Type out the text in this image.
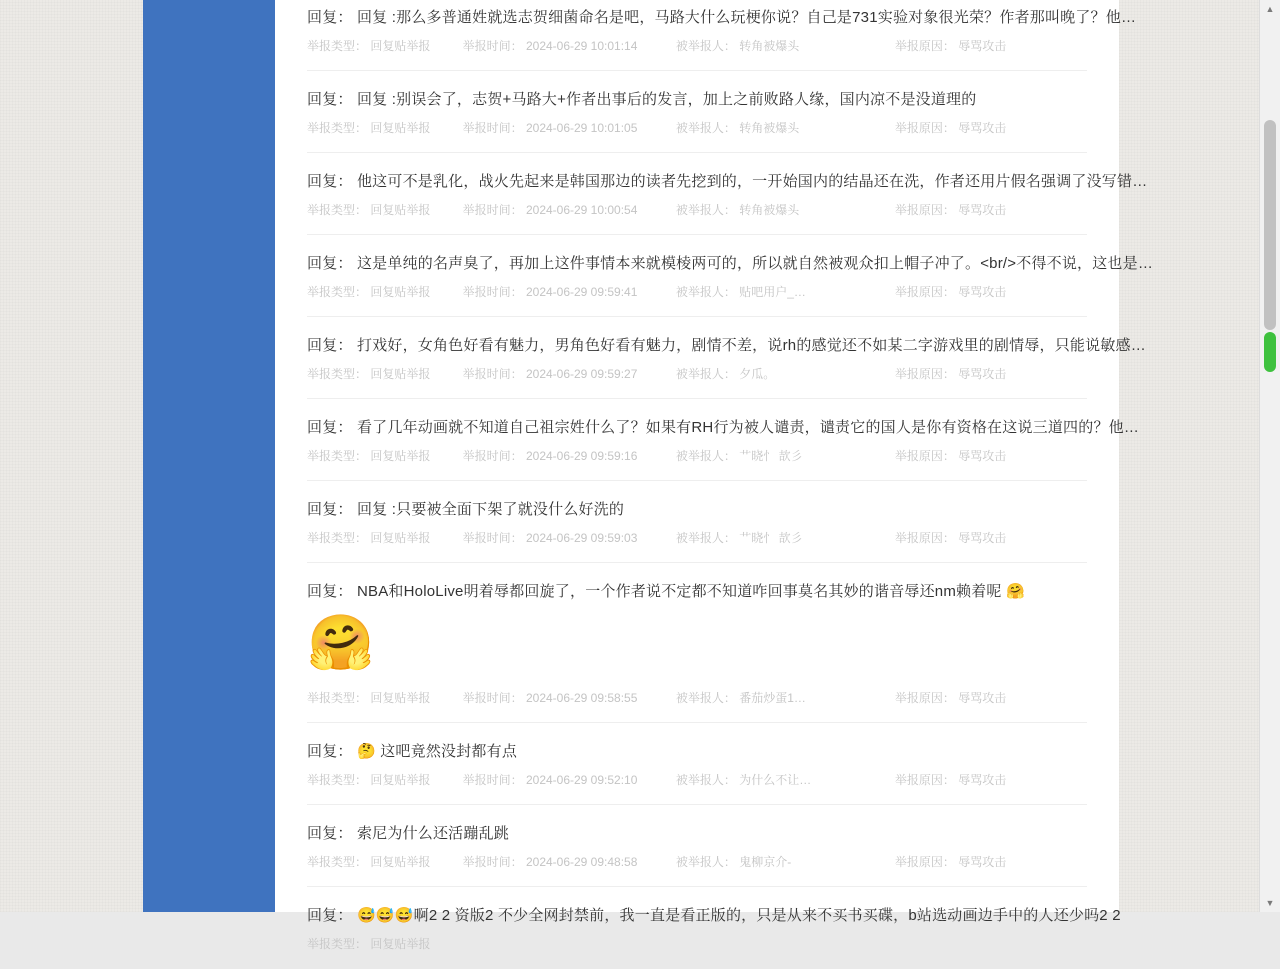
回复： 回复 :那么多普通姓就选志贺细菌命名是吧，马路大什么玩梗你说？自己是731实验对象很光荣？作者那叫晚了？他…
举报类型： 回复贴举报	举报时间： 2024-06-29 10:01:14	被举报人： 转角被爆头	举报原因： 辱骂攻击
回复： 回复 :别误会了，志贺+马路大+作者出事后的发言，加上之前败路人缘，国内凉不是没道理的
举报类型： 回复贴举报	举报时间： 2024-06-29 10:01:05	被举报人： 转角被爆头	举报原因： 辱骂攻击
回复： 他这可不是乳化，战火先起来是韩国那边的读者先挖到的，一开始国内的结晶还在洗，作者还用片假名强调了没写错…
举报类型： 回复贴举报	举报时间： 2024-06-29 10:00:54	被举报人： 转角被爆头	举报原因： 辱骂攻击
回复： 这是单纯的名声臭了，再加上这件事情本来就模棱两可的，所以就自然被观众扣上帽子冲了。<br/>不得不说，这也是…
举报类型： 回复贴举报	举报时间： 2024-06-29 09:59:41	被举报人： 贴吧用户_…	举报原因： 辱骂攻击
回复： 打戏好，女角色好看有魅力，男角色好看有魅力，剧情不差，说rh的感觉还不如某二字游戏里的剧情辱，只能说敏感…
举报类型： 回复贴举报	举报时间： 2024-06-29 09:59:27	被举报人： 夕瓜。	举报原因： 辱骂攻击
回复： 看了几年动画就不知道自己祖宗姓什么了？如果有RH行为被人谴责，谴责它的国人是你有资格在这说三道四的？他…
举报类型： 回复贴举报	举报时间： 2024-06-29 09:59:16	被举报人： 艹晓忄 欯彡	举报原因： 辱骂攻击
回复： 回复 :只要被全面下架了就没什么好洗的
举报类型： 回复贴举报	举报时间： 2024-06-29 09:59:03	被举报人： 艹晓忄 欯彡	举报原因： 辱骂攻击
回复： NBA和HoloLive明着辱都回旋了，一个作者说不定都不知道咋回事莫名其妙的谐音辱还nm赖着呢 🤗
🤗
举报类型： 回复贴举报	举报时间： 2024-06-29 09:58:55	被举报人： 番茄炒蛋1…	举报原因： 辱骂攻击
回复： 🤔 这吧竟然没封都有点
举报类型： 回复贴举报	举报时间： 2024-06-29 09:52:10	被举报人： 为什么不让…	举报原因： 辱骂攻击
回复： 索尼为什么还活蹦乱跳
举报类型： 回复贴举报	举报时间： 2024-06-29 09:48:58	被举报人： 鬼柳京介-	举报原因： 辱骂攻击
回复： 😅😅😅啊2 2 资版2 不少全网封禁前，我一直是看正版的，只是从来不买书买碟，b站选动画边手中的人还少吗2 2
举报类型： 回复贴举报
▲
▼
